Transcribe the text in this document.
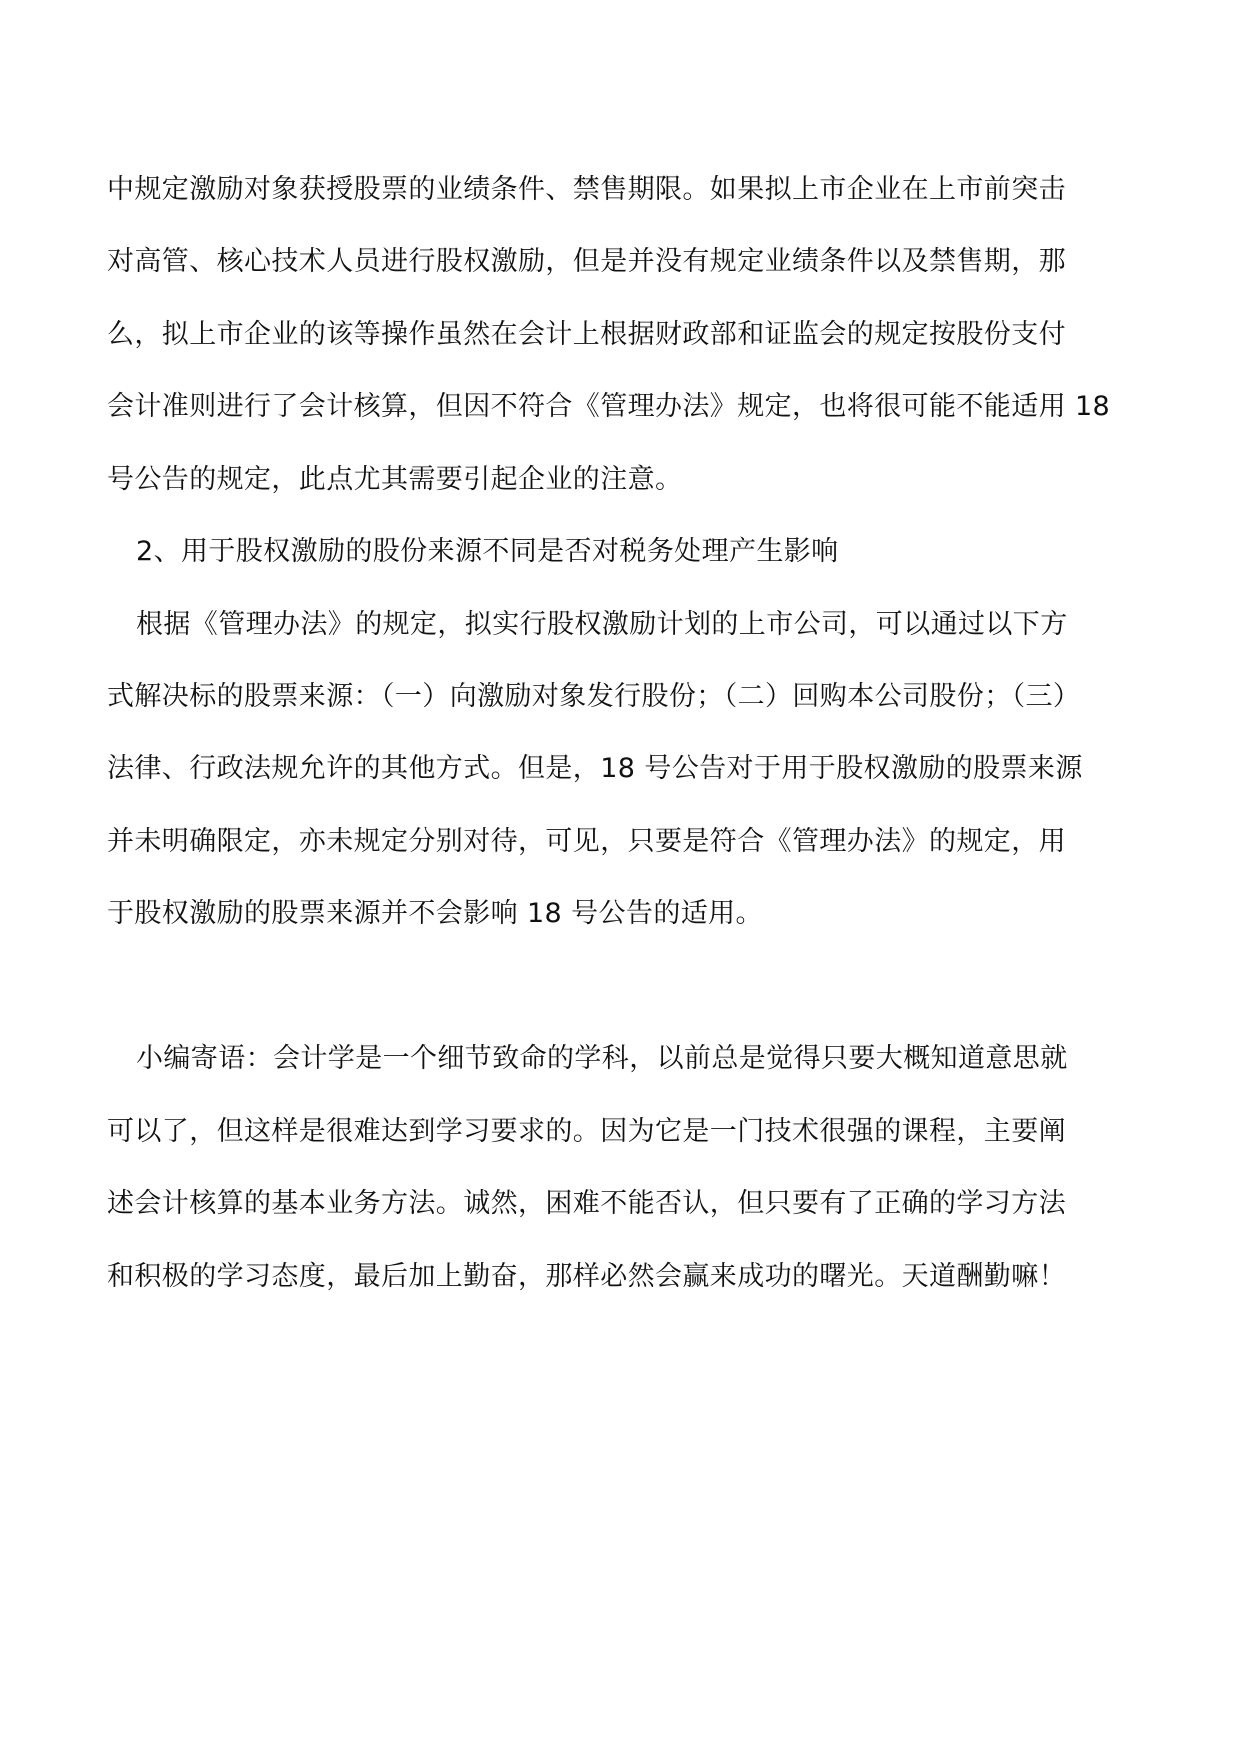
中规定激励对象获授股票的业绩条件、禁售期限。如果拟上市企业在上市前突击
对高管、核心技术人员进行股权激励，但是并没有规定业绩条件以及禁售期，那
么，拟上市企业的该等操作虽然在会计上根据财政部和证监会的规定按股份支付
会计准则进行了会计核算，但因不符合《管理办法》规定，也将很可能不能适用 18
号公告的规定，此点尤其需要引起企业的注意。
2、用于股权激励的股份来源不同是否对税务处理产生影响
根据《管理办法》的规定，拟实行股权激励计划的上市公司，可以通过以下方
式解决标的股票来源：（一）向激励对象发行股份；（二）回购本公司股份；（三）
法律、行政法规允许的其他方式。但是，18 号公告对于用于股权激励的股票来源
并未明确限定，亦未规定分别对待，可见，只要是符合《管理办法》的规定，用
于股权激励的股票来源并不会影响 18 号公告的适用。
小编寄语：会计学是一个细节致命的学科，以前总是觉得只要大概知道意思就
可以了，但这样是很难达到学习要求的。因为它是一门技术很强的课程，主要阐
述会计核算的基本业务方法。诚然，困难不能否认，但只要有了正确的学习方法
和积极的学习态度，最后加上勤奋，那样必然会赢来成功的曙光。天道酬勤嘛！
